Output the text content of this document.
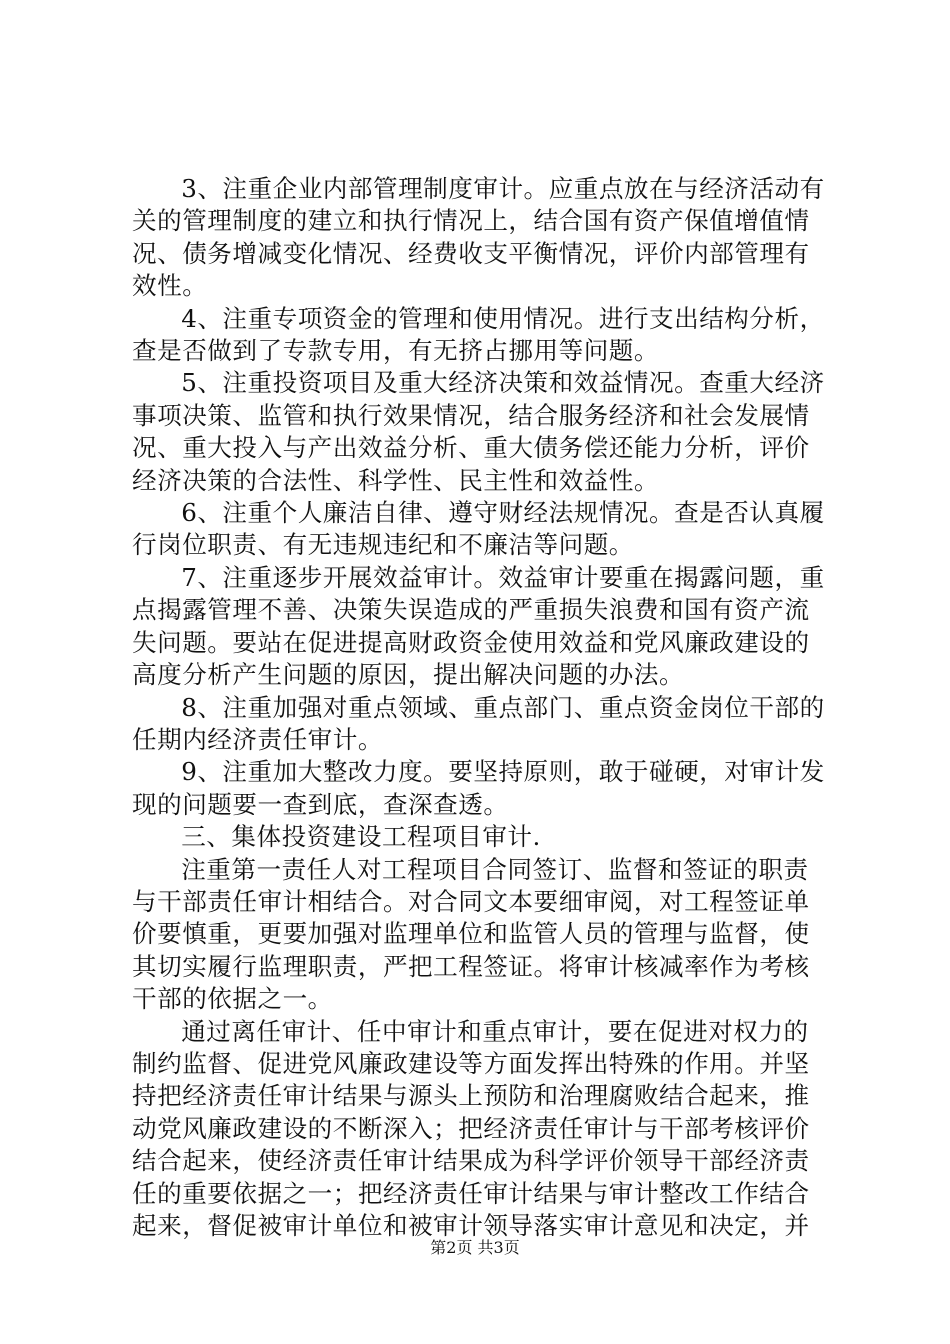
3、注重企业内部管理制度审计。应重点放在与经济活动有
关的管理制度的建立和执行情况上，结合国有资产保值增值情
况、债务增减变化情况、经费收支平衡情况，评价内部管理有
效性。

4、注重专项资金的管理和使用情况。进行支出结构分析，
查是否做到了专款专用，有无挤占挪用等问题。

5、注重投资项目及重大经济决策和效益情况。查重大经济
事项决策、监管和执行效果情况，结合服务经济和社会发展情
况、重大投入与产出效益分析、重大债务偿还能力分析，评价
经济决策的合法性、科学性、民主性和效益性。

6、注重个人廉洁自律、遵守财经法规情况。查是否认真履
行岗位职责、有无违规违纪和不廉洁等问题。

7、注重逐步开展效益审计。效益审计要重在揭露问题，重
点揭露管理不善、决策失误造成的严重损失浪费和国有资产流
失问题。要站在促进提高财政资金使用效益和党风廉政建设的
高度分析产生问题的原因，提出解决问题的办法。

8、注重加强对重点领域、重点部门、重点资金岗位干部的
任期内经济责任审计。

9、注重加大整改力度。要坚持原则，敢于碰硬，对审计发
现的问题要一查到底，查深查透。

三、集体投资建设工程项目审计.

注重第一责任人对工程项目合同签订、监督和签证的职责
与干部责任审计相结合。对合同文本要细审阅，对工程签证单
价要慎重，更要加强对监理单位和监管人员的管理与监督，使
其切实履行监理职责，严把工程签证。将审计核减率作为考核
干部的依据之一。

通过离任审计、任中审计和重点审计，要在促进对权力的
制约监督、促进党风廉政建设等方面发挥出特殊的作用。并坚
持把经济责任审计结果与源头上预防和治理腐败结合起来，推
动党风廉政建设的不断深入；把经济责任审计与干部考核评价
结合起来，使经济责任审计结果成为科学评价领导干部经济责
任的重要依据之一；把经济责任审计结果与审计整改工作结合
起来，督促被审计单位和被审计领导落实审计意见和决定，并

第2页 共3页
